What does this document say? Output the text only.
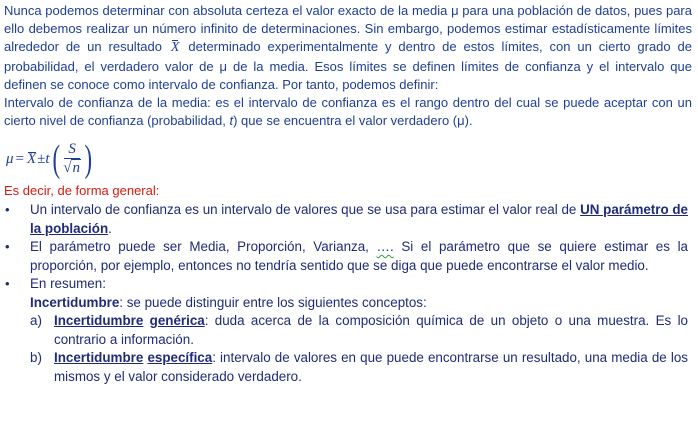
Nunca podemos determinar con absoluta certeza el valor exacto de la media μ para una población de datos, pues para ello debemos realizar un número infinito de determinaciones. Sin embargo, podemos estimar estadísticamente límites alrededor de un resultado X determinado experimentalmente y dentro de estos límites, con un cierto grado de probabilidad, el verdadero valor de μ de la media. Esos límites se definen límites de confianza y el intervalo que definen se conoce como intervalo de confianza. Por tanto, podemos definir:

Intervalo de confianza de la media: es el intervalo de confianza es el rango dentro del cual se puede aceptar con un cierto nivel de confianza (probabilidad, t) que se encuentra el valor verdadero (μ).

μ = X ± t ( $\frac{S}{√n}$ )
Es decir, de forma general:

• Un intervalo de confianza es un intervalo de valores que se usa para estimar el valor real de UN parámetro de la población.

• El parámetro puede ser Media, Proporción, Varianza, …. Si el parámetro que se quiere estimar es la proporción, por ejemplo, entonces no tendría sentido que se diga que puede encontrarse el valor medio.

• En resumen:

Incertidumbre: se puede distinguir entre los siguientes conceptos:

a) Incertidumbre genérica: duda acerca de la composición química de un objeto o una muestra. Es lo contrario a información.

b) Incertidumbre específica: intervalo de valores en que puede encontrarse un resultado, una media de los mismos y el valor considerado verdadero.
